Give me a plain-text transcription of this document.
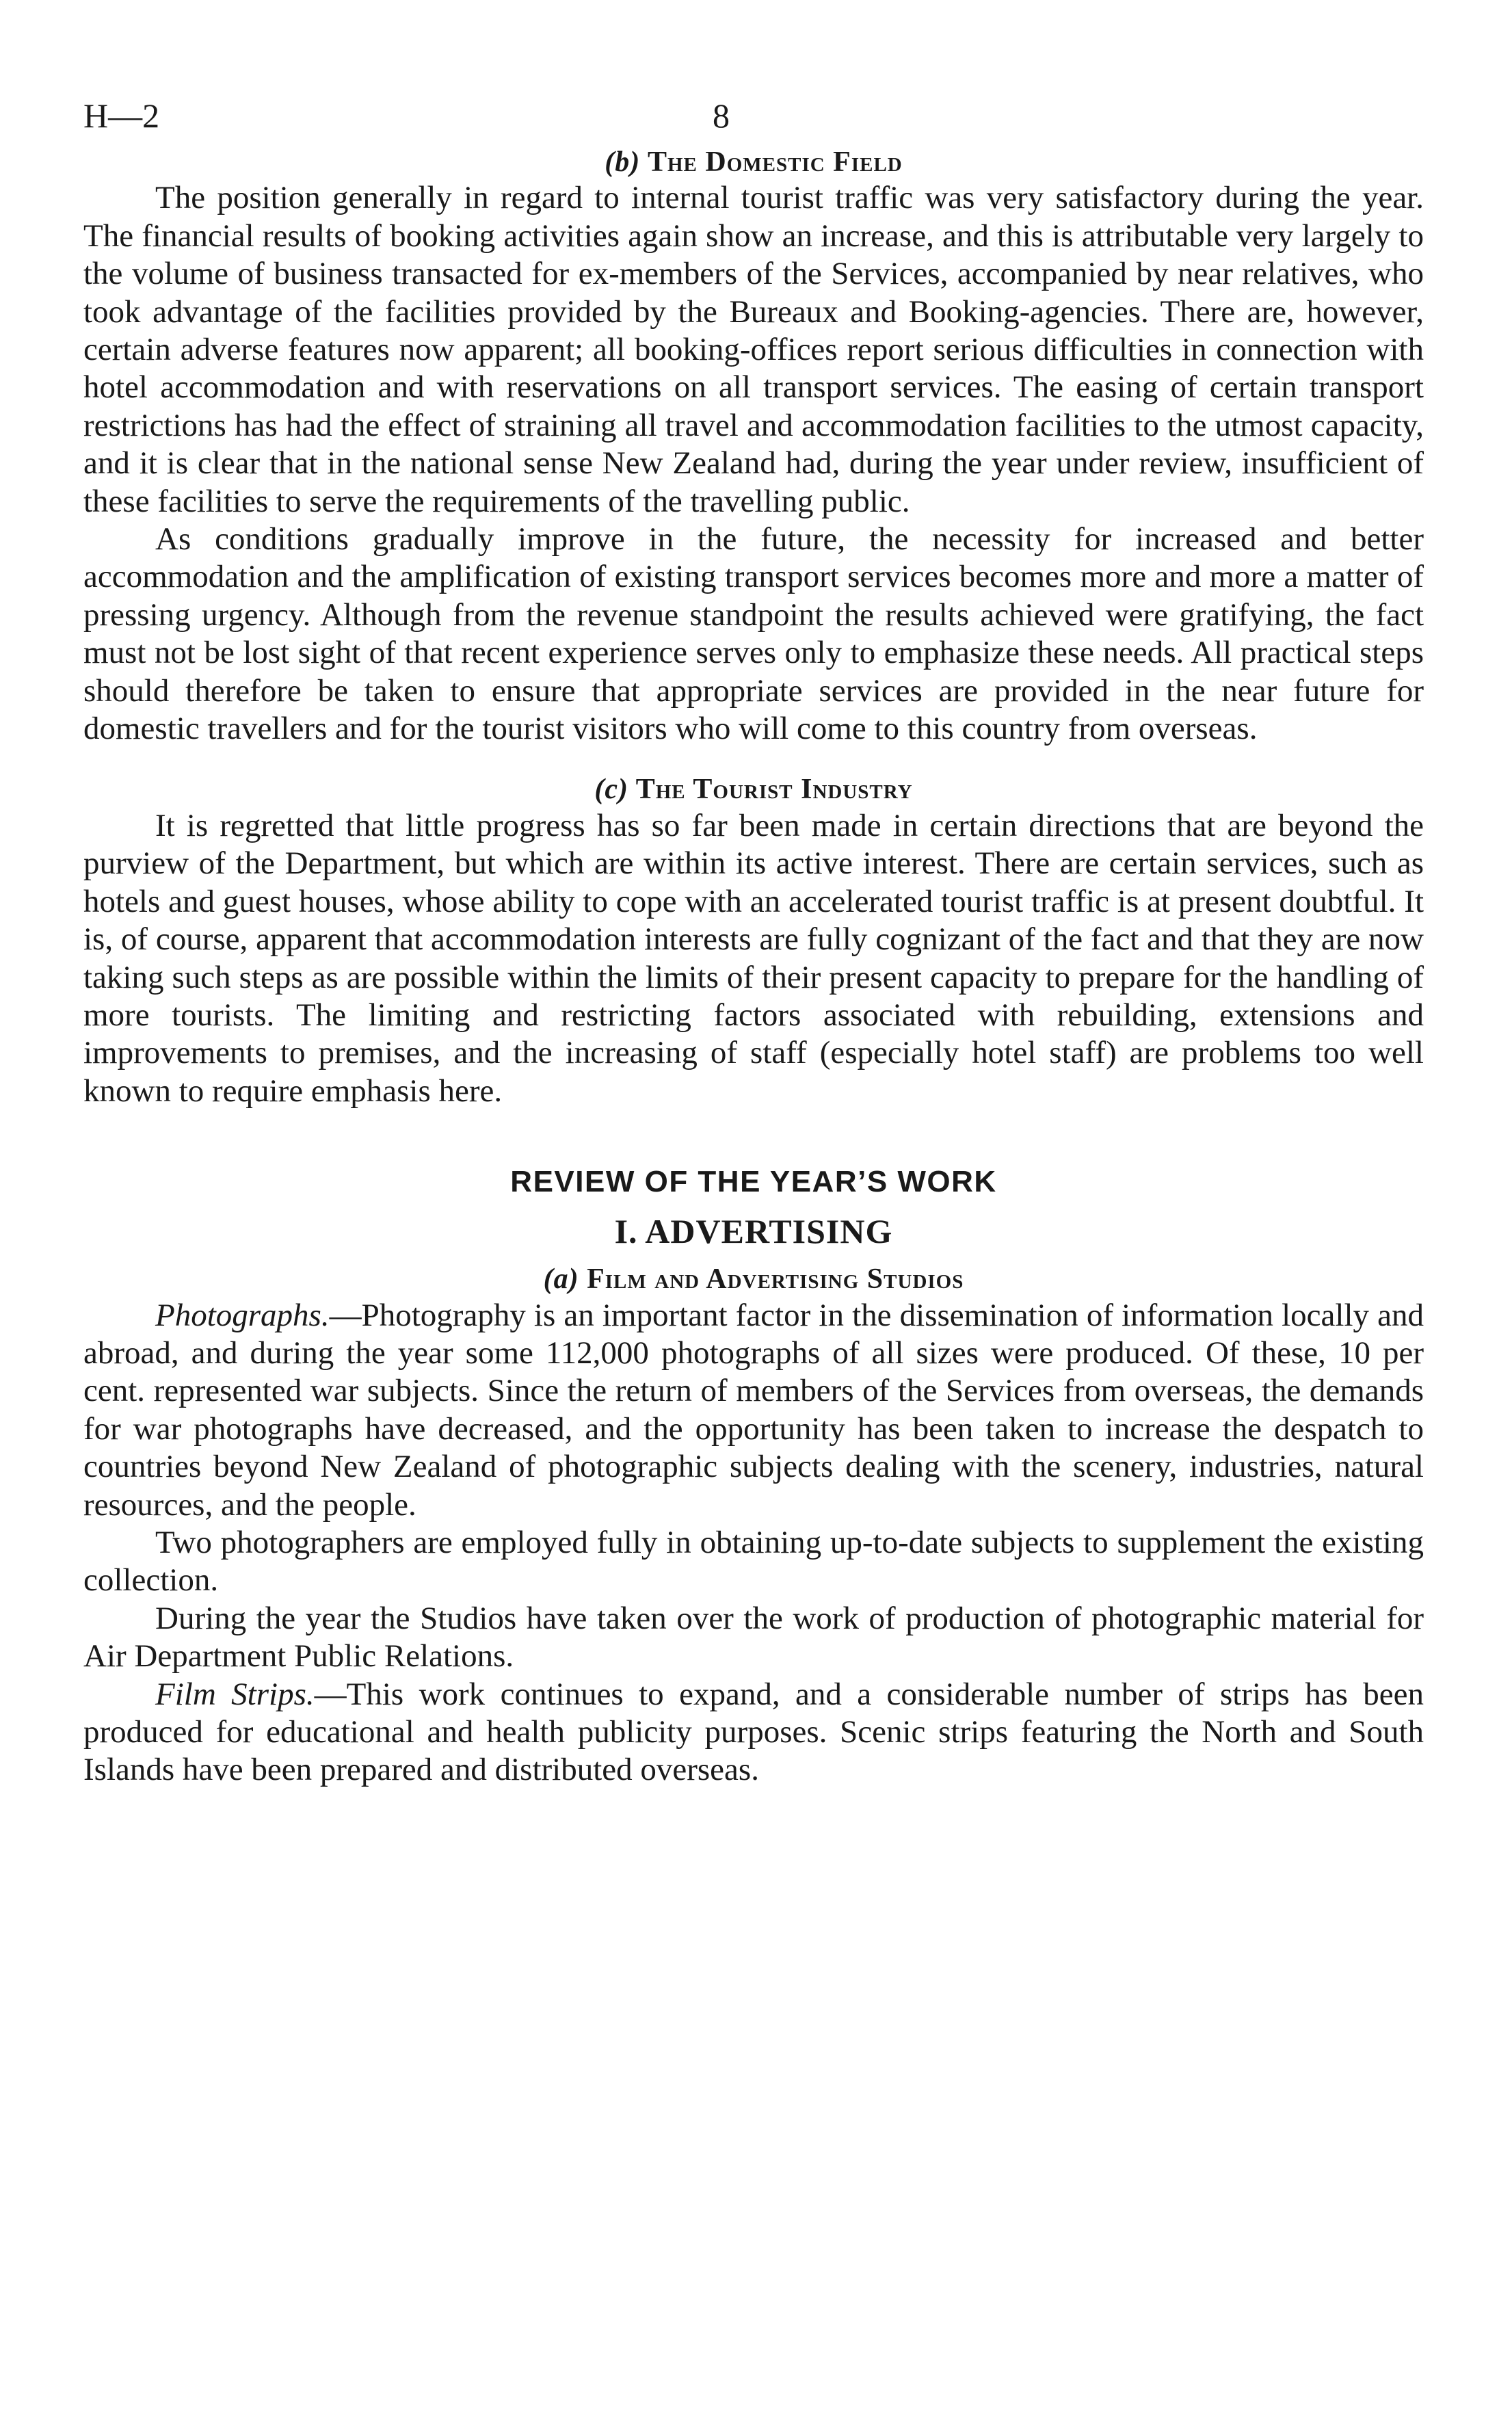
H—2	8
(b) The Domestic Field

The position generally in regard to internal tourist traffic was very satisfactory during the year. The financial results of booking activities again show an increase, and this is attributable very largely to the volume of business transacted for ex-members of the Services, accompanied by near relatives, who took advantage of the facilities provided by the Bureaux and Booking-agencies. There are, however, certain adverse features now apparent; all booking-offices report serious difficulties in connection with hotel accommodation and with reservations on all transport services. The easing of certain transport restrictions has had the effect of straining all travel and accommodation facilities to the utmost capacity, and it is clear that in the national sense New Zealand had, during the year under review, insufficient of these facilities to serve the requirements of the travelling public.

As conditions gradually improve in the future, the necessity for increased and better accommodation and the amplification of existing transport services becomes more and more a matter of pressing urgency. Although from the revenue standpoint the results achieved were gratifying, the fact must not be lost sight of that recent experience serves only to emphasize these needs. All practical steps should therefore be taken to ensure that appropriate services are provided in the near future for domestic travellers and for the tourist visitors who will come to this country from overseas.

(c) The Tourist Industry

It is regretted that little progress has so far been made in certain directions that are beyond the purview of the Department, but which are within its active interest. There are certain services, such as hotels and guest houses, whose ability to cope with an accelerated tourist traffic is at present doubtful. It is, of course, apparent that accommodation interests are fully cognizant of the fact and that they are now taking such steps as are possible within the limits of their present capacity to prepare for the handling of more tourists. The limiting and restricting factors associated with rebuilding, extensions and improvements to premises, and the increasing of staff (especially hotel staff) are problems too well known to require emphasis here.

REVIEW OF THE YEAR’S WORK
I. ADVERTISING
(a) Film and Advertising Studios

Photographs.—Photography is an important factor in the dissemination of information locally and abroad, and during the year some 112,000 photographs of all sizes were produced. Of these, 10 per cent. represented war subjects. Since the return of members of the Services from overseas, the demands for war photographs have decreased, and the opportunity has been taken to increase the despatch to countries beyond New Zealand of photographic subjects dealing with the scenery, industries, natural resources, and the people.

Two photographers are employed fully in obtaining up-to-date subjects to supplement the existing collection.

During the year the Studios have taken over the work of production of photographic material for Air Department Public Relations.

Film Strips.—This work continues to expand, and a considerable number of strips has been produced for educational and health publicity purposes. Scenic strips featuring the North and South Islands have been prepared and distributed overseas.
